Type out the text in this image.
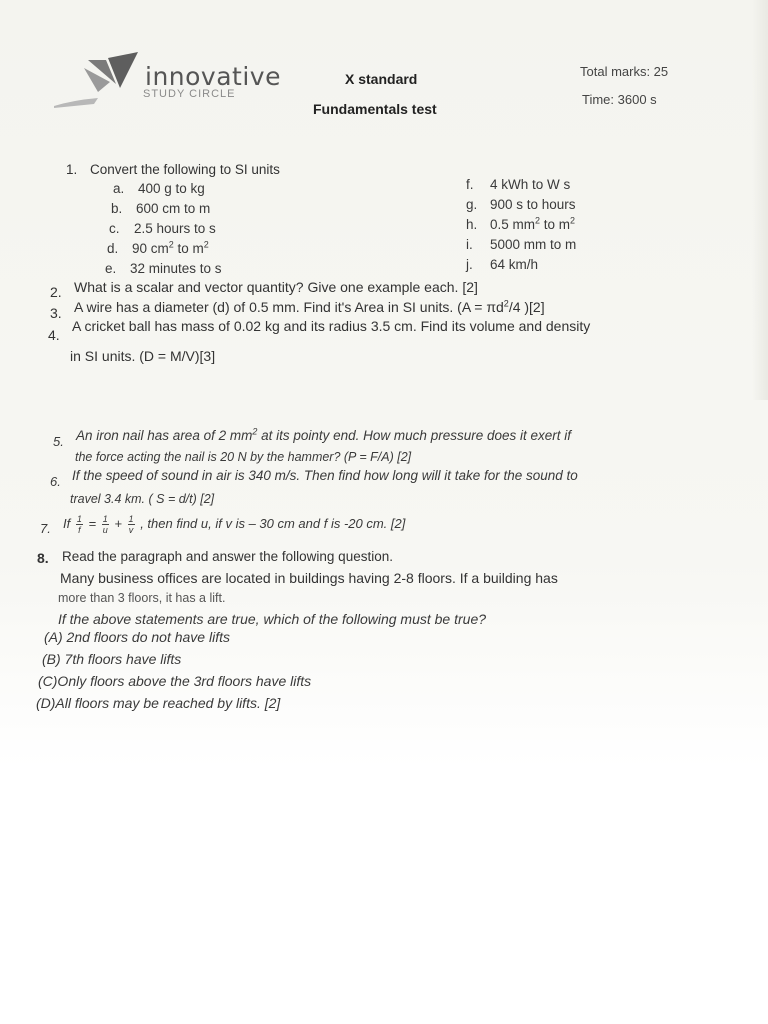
innovative
STUDY CIRCLE
X standard
Fundamentals test
Total marks: 25
Time: 3600 s
1. Convert the following to SI units
a. 400 g to kg
b. 600 cm to m
c. 2.5 hours to s
d. 90 $cm^2$ to $m^2$
e. 32 minutes to s
f. 4 kWh to W s
g. 900 s to hours
h. 0.5 $mm^2$ to $m^2$
i. 5000 mm to m
j. 64 km/h
2. What is a scalar and vector quantity? Give one example each. [2]
3. A wire has a diameter (d) of 0.5 mm. Find it's Area in SI units. ($A = \pi d^2/4$ )[2]
4.
A cricket ball has mass of 0.02 kg and its radius 3.5 cm. Find its volume and density
in SI units. (D = M/V)[3]
5. An iron nail has area of 2 $mm^2$ at its pointy end. How much pressure does it exert if
the force acting the nail is 20 N by the hammer? (P = F/A) [2]
6. If the speed of sound in air is 340 m/s. Then find how long will it take for the sound to
travel 3.4 km. ( S = d/t) [2]
7. If $\frac{1}{f} = \frac{1}{u} + \frac{1}{v}$ , then find u, if v is – 30 cm and f is -20 cm. [2]
8. Read the paragraph and answer the following question.
Many business offices are located in buildings having 2-8 floors. If a building has
more than 3 floors, it has a lift.
If the above statements are true, which of the following must be true?
(A) 2nd floors do not have lifts
(B) 7th floors have lifts
(C)Only floors above the 3rd floors have lifts
(D)All floors may be reached by lifts. [2]
